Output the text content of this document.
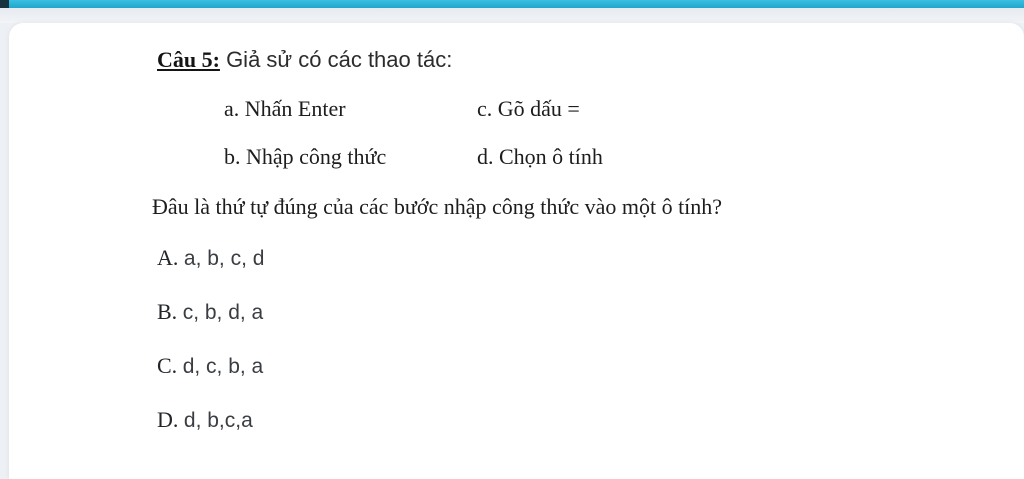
Câu 5: Giả sử có các thao tác:
a. Nhấn Enter	c. Gõ dấu =
b. Nhập công thức	d. Chọn ô tính
Đâu là thứ tự đúng của các bước nhập công thức vào một ô tính?
A. a, b, c, d
B. c, b, d, a
C. d, c, b, a
D. d, b,c,a
